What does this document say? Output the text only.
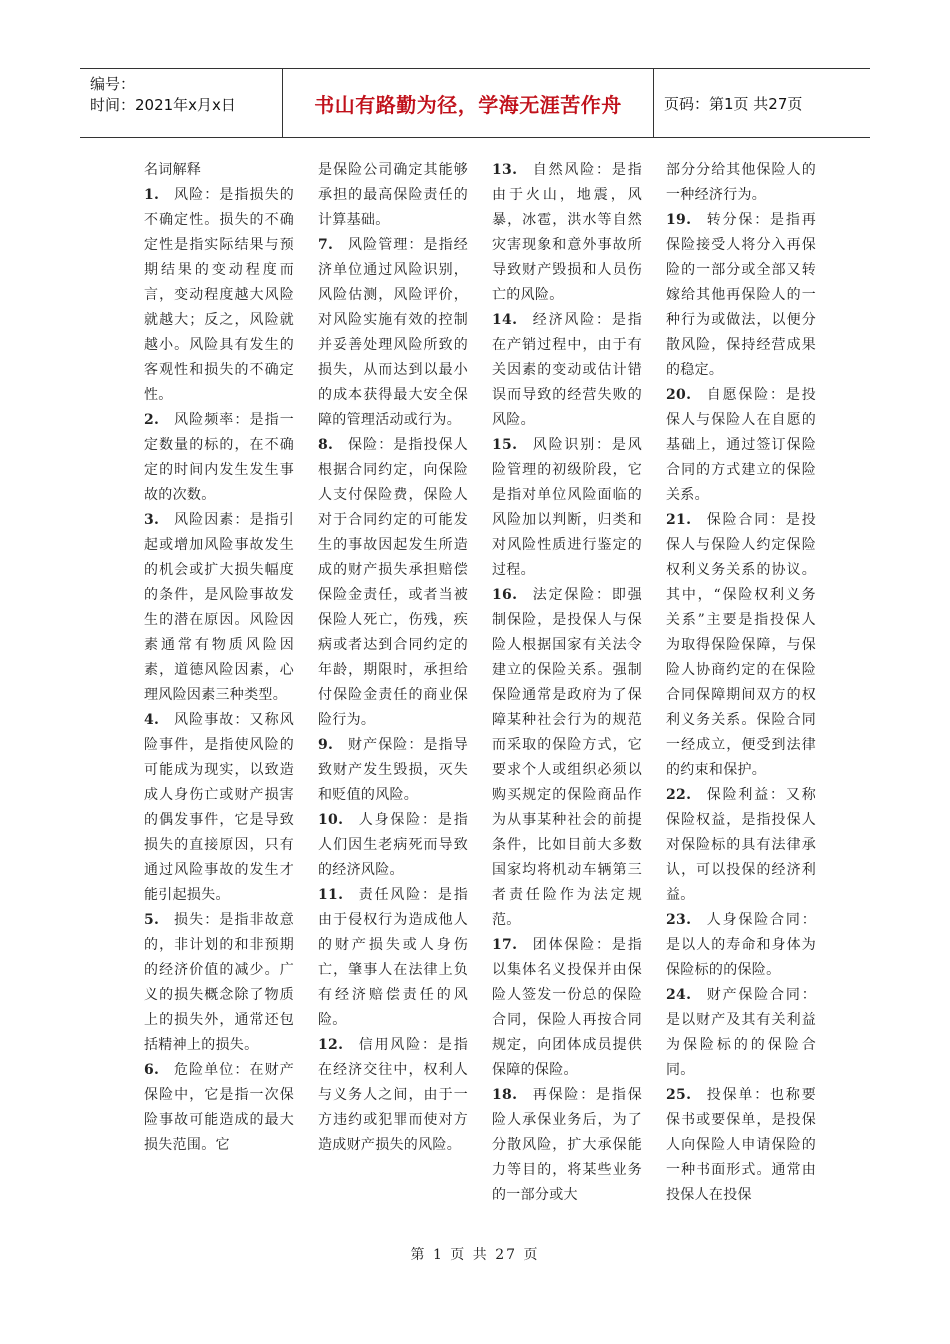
编号：
时间：2021年x月x日	书山有路勤为径，学海无涯苦作舟	页码：第1页 共27页

名词解释

1. 风险：是指损失的不确定性。损失的不确定性是指实际结果与预期结果的变动程度而言，变动程度越大风险就越大；反之，风险就越小。风险具有发生的客观性和损失的不确定性。

2. 风险频率：是指一定数量的标的，在不确定的时间内发生发生事故的次数。

3. 风险因素：是指引起或增加风险事故发生的机会或扩大损失幅度的条件，是风险事故发生的潜在原因。风险因素通常有物质风险因素，道德风险因素，心理风险因素三种类型。

4. 风险事故：又称风险事件，是指使风险的可能成为现实，以致造成人身伤亡或财产损害的偶发事件，它是导致损失的直接原因，只有通过风险事故的发生才能引起损失。

5. 损失：是指非故意的，非计划的和非预期的经济价值的减少。广义的损失概念除了物质上的损失外，通常还包括精神上的损失。

6. 危险单位：在财产保险中，它是指一次保险事故可能造成的最大损失范围。它

是保险公司确定其能够承担的最高保险责任的计算基础。

7. 风险管理：是指经济单位通过风险识别，风险估测，风险评价，对风险实施有效的控制并妥善处理风险所致的损失，从而达到以最小的成本获得最大安全保障的管理活动或行为。

8. 保险：是指投保人根据合同约定，向保险人支付保险费，保险人对于合同约定的可能发生的事故因起发生所造成的财产损失承担赔偿保险金责任，或者当被保险人死亡，伤残，疾病或者达到合同约定的年龄，期限时，承担给付保险金责任的商业保险行为。

9. 财产保险：是指导致财产发生毁损，灭失和贬值的风险。

10. 人身保险：是指人们因生老病死而导致的经济风险。

11. 责任风险：是指由于侵权行为造成他人的财产损失或人身伤亡，肇事人在法律上负有经济赔偿责任的风险。

12. 信用风险：是指在经济交往中，权利人与义务人之间，由于一方违约或犯罪而使对方造成财产损失的风险。

13. 自然风险：是指由于火山，地震，风暴，冰雹，洪水等自然灾害现象和意外事故所导致财产毁损和人员伤亡的风险。

14. 经济风险：是指在产销过程中，由于有关因素的变动或估计错误而导致的经营失败的风险。

15. 风险识别：是风险管理的初级阶段，它是指对单位风险面临的风险加以判断，归类和对风险性质进行鉴定的过程。

16. 法定保险：即强制保险，是投保人与保险人根据国家有关法令建立的保险关系。强制保险通常是政府为了保障某种社会行为的规范而采取的保险方式，它要求个人或组织必须以购买规定的保险商品作为从事某种社会的前提条件，比如目前大多数国家均将机动车辆第三者责任险作为法定规范。

17. 团体保险：是指以集体名义投保并由保险人签发一份总的保险合同，保险人再按合同规定，向团体成员提供保障的保险。

18. 再保险：是指保险人承保业务后，为了分散风险，扩大承保能力等目的，将某些业务的一部分或大

部分分给其他保险人的一种经济行为。

19. 转分保：是指再保险接受人将分入再保险的一部分或全部又转嫁给其他再保险人的一种行为或做法，以便分散风险，保持经营成果的稳定。

20. 自愿保险：是投保人与保险人在自愿的基础上，通过签订保险合同的方式建立的保险关系。

21. 保险合同：是投保人与保险人约定保险权利义务关系的协议。其中，“保险权利义务关系”主要是指投保人为取得保险保障，与保险人协商约定的在保险合同保障期间双方的权利义务关系。保险合同一经成立，便受到法律的约束和保护。

22. 保险利益：又称保险权益，是指投保人对保险标的具有法律承认，可以投保的经济利益。

23. 人身保险合同：是以人的寿命和身体为保险标的的保险。

24. 财产保险合同：是以财产及其有关利益为保险标的的保险合同。

25. 投保单：也称要保书或要保单，是投保人向保险人申请保险的一种书面形式。通常由投保人在投保

第 1 页 共 27 页
